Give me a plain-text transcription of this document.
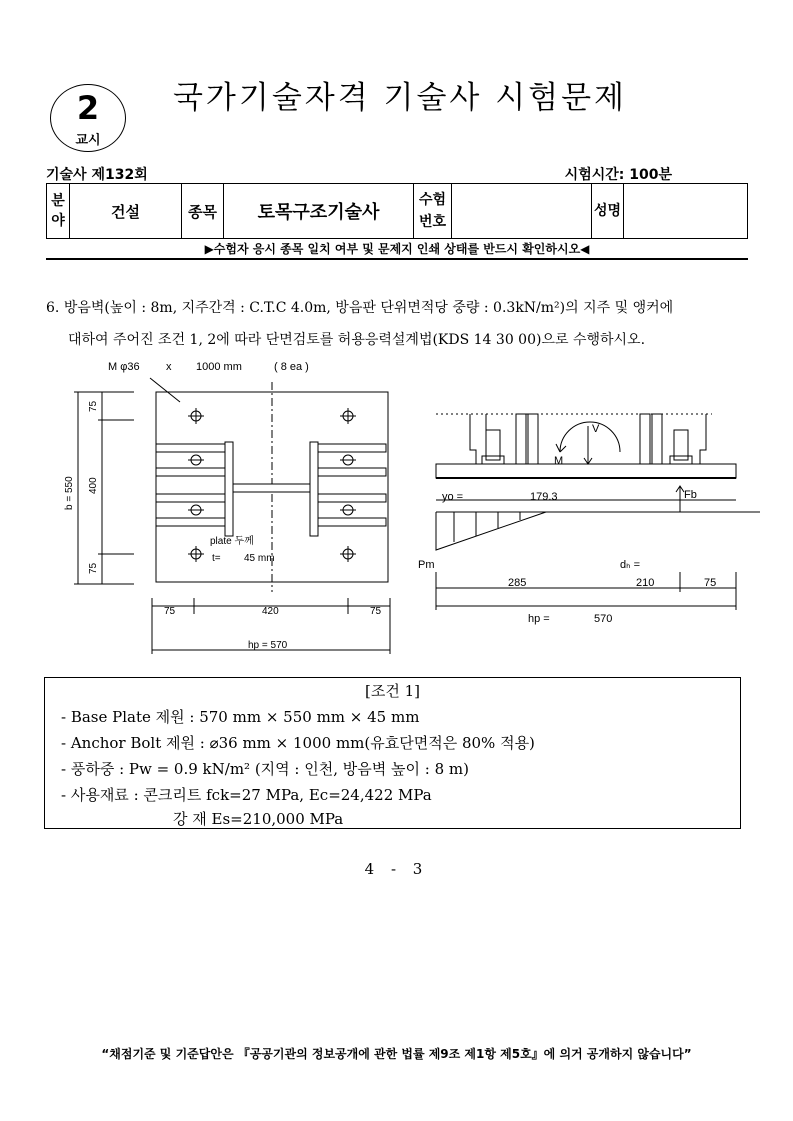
2
교시
국가기술자격 기술사 시험문제
기술사 제132회	시험시간: 100분
분야	건설	종목	토목구조기술사	수험번호		성명	
▶수험자 응시 종목 일치 여부 및 문제지 인쇄 상태를 반드시 확인하시오◀
6. 방음벽(높이 : 8m, 지주간격 : C.T.C 4.0m, 방음판 단위면적당 중량 : 0.3kN/m²)의 지주 및 앵커에
대하여 주어진 조건 1, 2에 따라 단면검토를 허용응력설계법(KDS 14 30 00)으로 수행하시오.
M φ36 x 1000 mm	( 8 ea )
plate 두께
t= 45 mm
75
400
75
b = 550
75	420	75
hp = 570
V
M
yo =	179.3	Fb
Pm	dₕ =
285	210	75
hp =	570
[조건 1]
- Base Plate 제원 : 570 mm × 550 mm × 45 mm
- Anchor Bolt 제원 : ⌀36 mm × 1000 mm(유효단면적은 80% 적용)
- 풍하중 : Pw = 0.9 kN/m² (지역 : 인천, 방음벽 높이 : 8 m)
- 사용재료 : 콘크리트 fck=27 MPa, Ec=24,422 MPa
강 재 Es=210,000 MPa
4 - 3
“채점기준 및 기준답안은 『공공기관의 정보공개에 관한 법률 제9조 제1항 제5호』에 의거 공개하지 않습니다”
